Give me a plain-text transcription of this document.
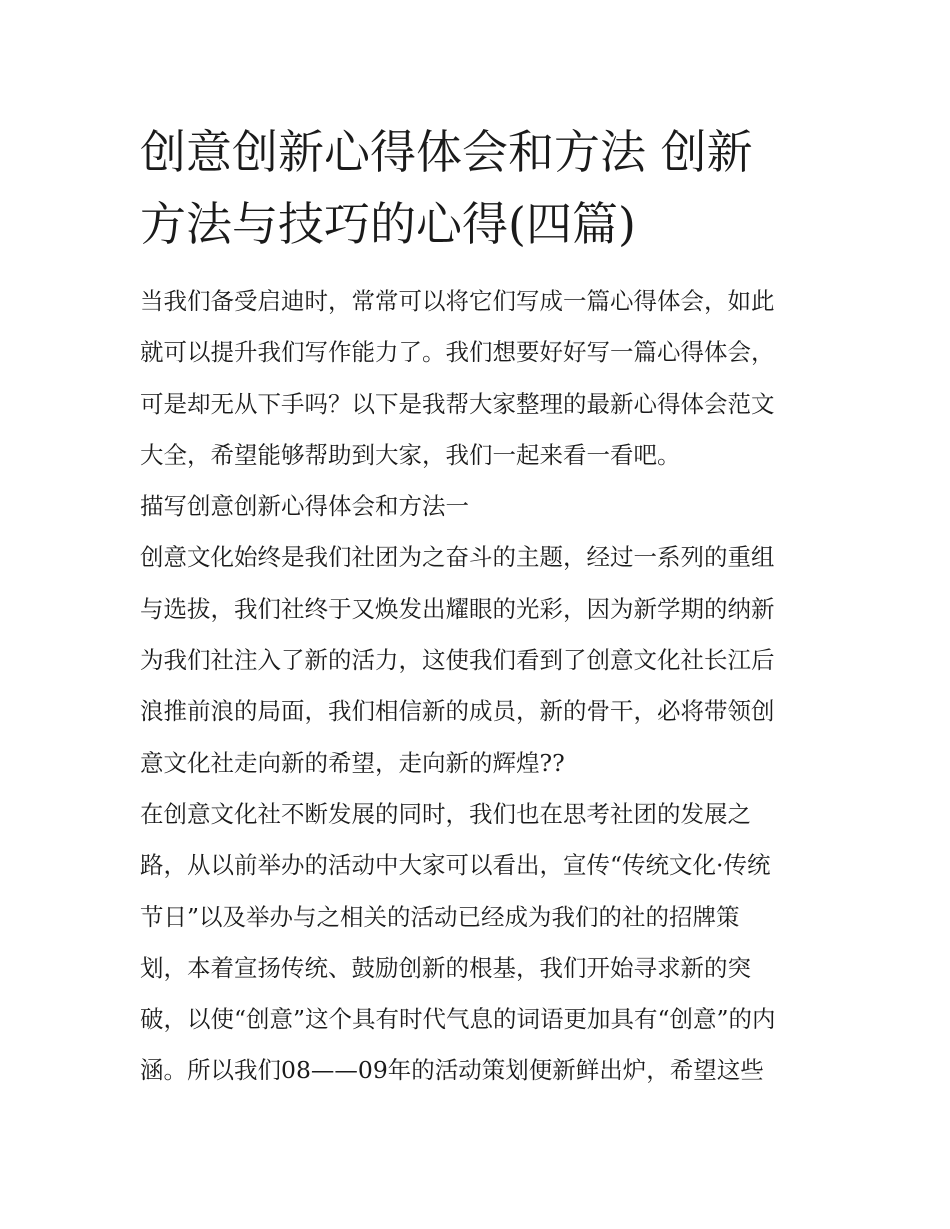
创意创新心得体会和方法 创新
方法与技巧的心得(四篇)
当我们备受启迪时，常常可以将它们写成一篇心得体会，如此
就可以提升我们写作能力了。我们想要好好写一篇心得体会，
可是却无从下手吗？以下是我帮大家整理的最新心得体会范文
大全，希望能够帮助到大家，我们一起来看一看吧。
描写创意创新心得体会和方法一
创意文化始终是我们社团为之奋斗的主题，经过一系列的重组
与选拔，我们社终于又焕发出耀眼的光彩，因为新学期的纳新
为我们社注入了新的活力，这使我们看到了创意文化社长江后
浪推前浪的局面，我们相信新的成员，新的骨干，必将带领创
意文化社走向新的希望，走向新的辉煌??
在创意文化社不断发展的同时，我们也在思考社团的发展之
路，从以前举办的活动中大家可以看出，宣传“传统文化·传统
节日”以及举办与之相关的活动已经成为我们的社的招牌策
划，本着宣扬传统、鼓励创新的根基，我们开始寻求新的突
破，以使“创意”这个具有时代气息的词语更加具有“创意”的内
涵。所以我们08——09年的活动策划便新鲜出炉，希望这些
